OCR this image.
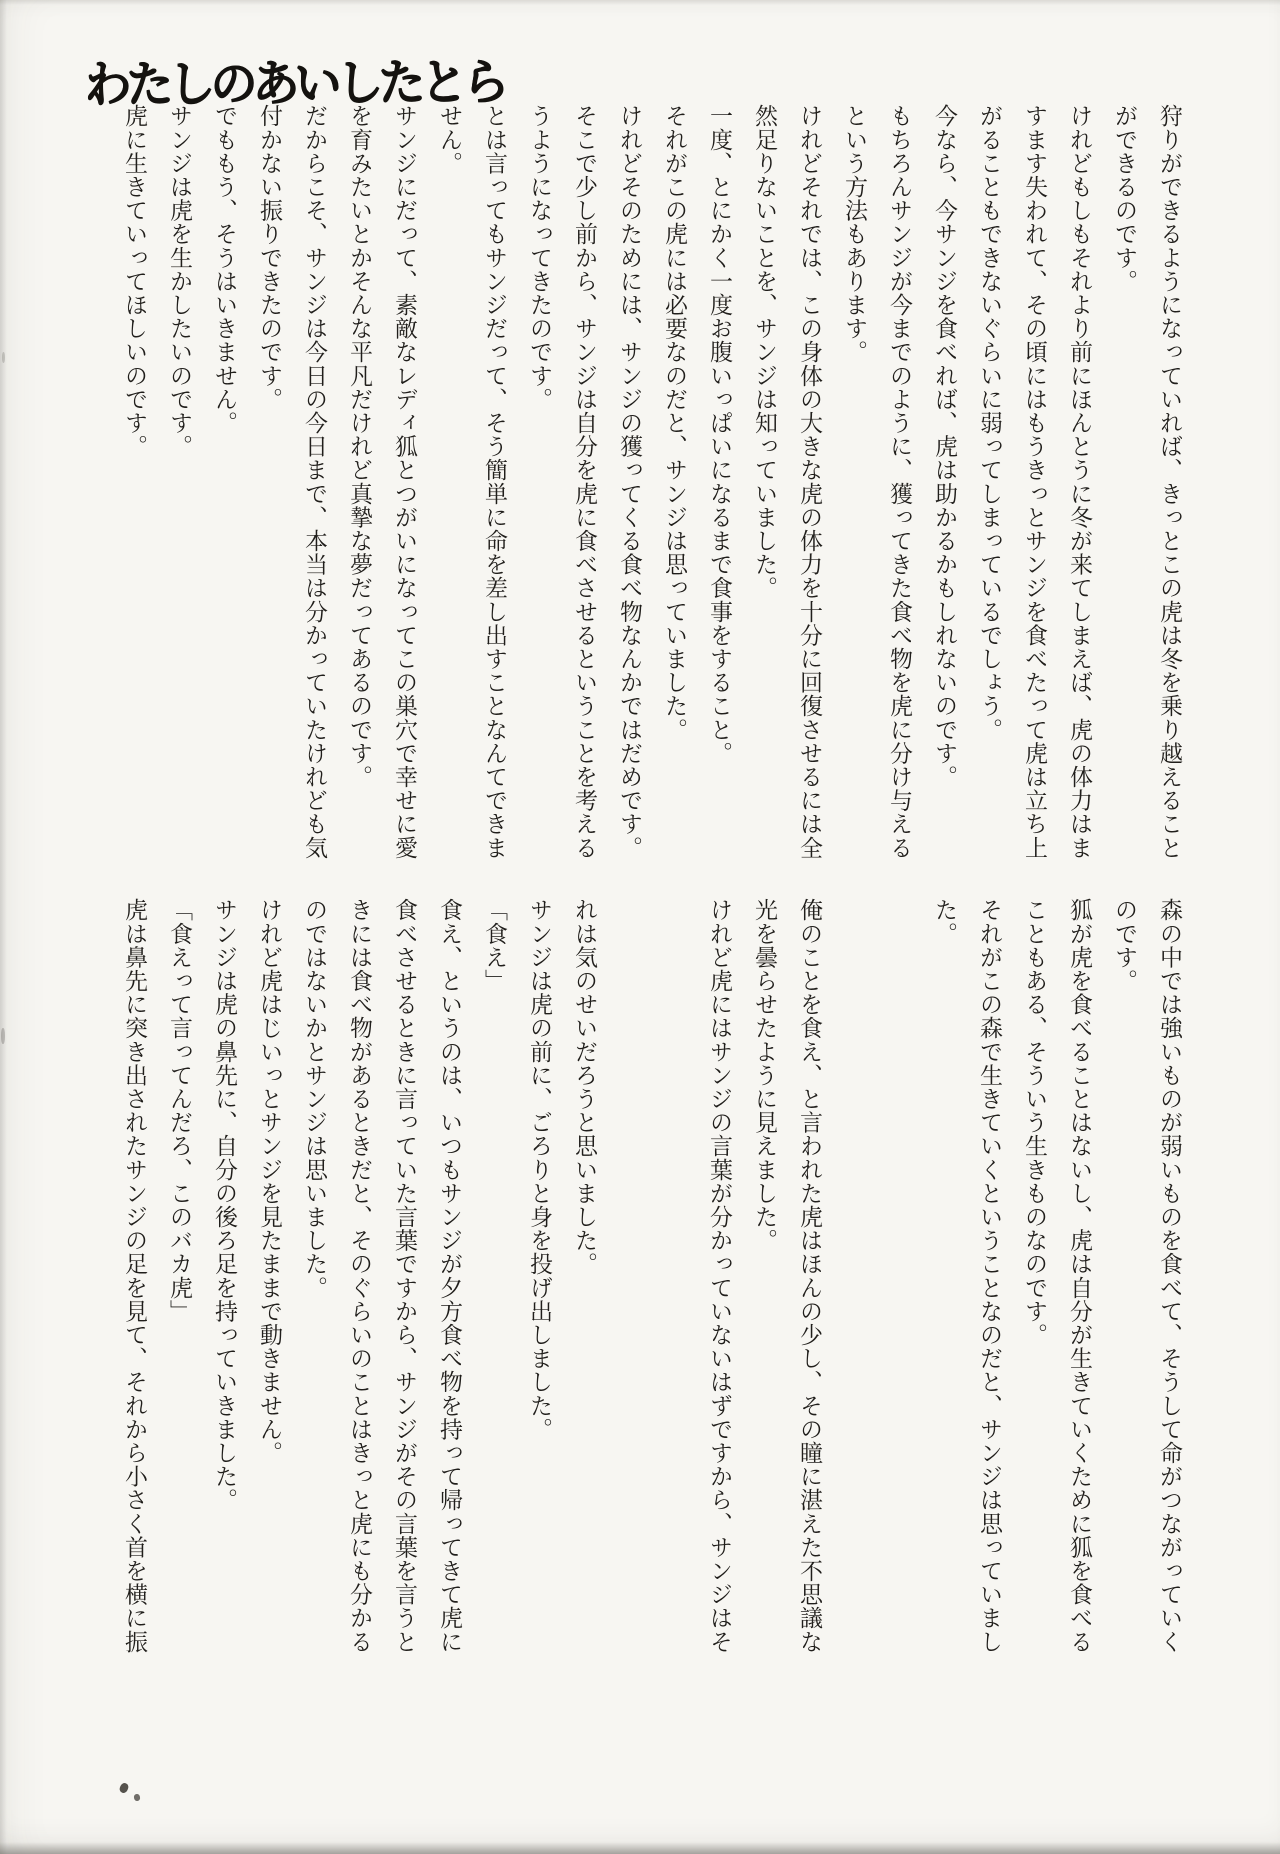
わたしのあいしたとら

狩りができるようになっていれば、きっとこの虎は冬を乗り越えること

ができるのです。

けれどもしもそれより前にほんとうに冬が来てしまえば、虎の体力はま

すます失われて、その頃にはもうきっとサンジを食べたって虎は立ち上

がることもできないぐらいに弱ってしまっているでしょう。

今なら、今サンジを食べれば、虎は助かるかもしれないのです。

もちろんサンジが今までのように、獲ってきた食べ物を虎に分け与える

という方法もあります。

けれどそれでは、この身体の大きな虎の体力を十分に回復させるには全

然足りないことを、サンジは知っていました。

一度、とにかく一度お腹いっぱいになるまで食事をすること。

それがこの虎には必要なのだと、サンジは思っていました。

けれどそのためには、サンジの獲ってくる食べ物なんかではだめです。

そこで少し前から、サンジは自分を虎に食べさせるということを考える

うようになってきたのです。

とは言ってもサンジだって、そう簡単に命を差し出すことなんてできま

せん。

サンジにだって、素敵なレディ狐とつがいになってこの巣穴で幸せに愛

を育みたいとかそんな平凡だけれど真摯な夢だってあるのです。

だからこそ、サンジは今日の今日まで、本当は分かっていたけれども気

付かない振りできたのです。

でももう、そうはいきません。

サンジは虎を生かしたいのです。

虎に生きていってほしいのです。

森の中では強いものが弱いものを食べて、そうして命がつながっていく

のです。

狐が虎を食べることはないし、虎は自分が生きていくために狐を食べる

こともある、そういう生きものなのです。

それがこの森で生きていくということなのだと、サンジは思っていまし

た。

俺のことを食え、と言われた虎はほんの少し、その瞳に湛えた不思議な

光を曇らせたように見えました。

けれど虎にはサンジの言葉が分かっていないはずですから、サンジはそ

れは気のせいだろうと思いました。

サンジは虎の前に、ごろりと身を投げ出しました。

「食え」

食え、というのは、いつもサンジが夕方食べ物を持って帰ってきて虎に

食べさせるときに言っていた言葉ですから、サンジがその言葉を言うと

きには食べ物があるときだと、そのぐらいのことはきっと虎にも分かる

のではないかとサンジは思いました。

けれど虎はじいっとサンジを見たままで動きません。

サンジは虎の鼻先に、自分の後ろ足を持っていきました。

「食えって言ってんだろ、このバカ虎」

虎は鼻先に突き出されたサンジの足を見て、それから小さく首を横に振
